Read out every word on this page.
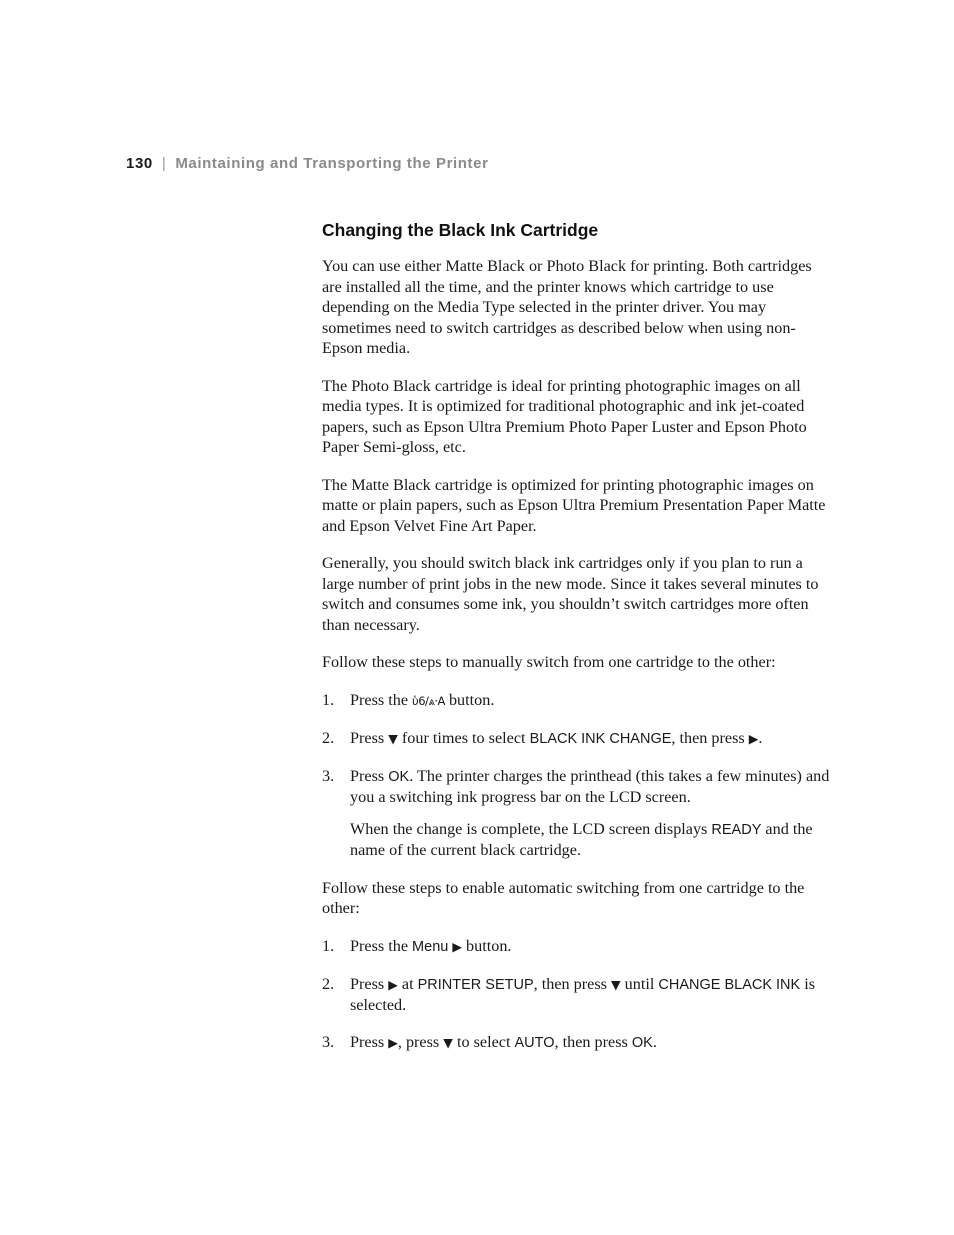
130 | Maintaining and Transporting the Printer
Changing the Black Ink Cartridge

You can use either Matte Black or Photo Black for printing. Both cartridges are installed all the time, and the printer knows which cartridge to use depending on the Media Type selected in the printer driver. You may sometimes need to switch cartridges as described below when using non-Epson media.

The Photo Black cartridge is ideal for printing photographic images on all media types. It is optimized for traditional photographic and ink jet-coated papers, such as Epson Ultra Premium Photo Paper Luster and Epson Photo Paper Semi-gloss, etc.

The Matte Black cartridge is optimized for printing photographic images on matte or plain papers, such as Epson Ultra Premium Presentation Paper Matte and Epson Velvet Fine Art Paper.

Generally, you should switch black ink cartridges only if you plan to run a large number of print jobs in the new mode. Since it takes several minutes to switch and consumes some ink, you shouldn’t switch cartridges more often than necessary.

Follow these steps to manually switch from one cartridge to the other:

1. Press the ὑ6/⩓·A button.
2. Press ▼ four times to select BLACK INK CHANGE, then press ▶.
3. Press OK. The printer charges the printhead (this takes a few minutes) and you a switching ink progress bar on the LCD screen.
When the change is complete, the LCD screen displays READY and the name of the current black cartridge.

Follow these steps to enable automatic switching from one cartridge to the other:

1. Press the Menu ▶ button.
2. Press ▶ at PRINTER SETUP, then press ▼ until CHANGE BLACK INK is selected.
3. Press ▶, press ▼ to select AUTO, then press OK.
